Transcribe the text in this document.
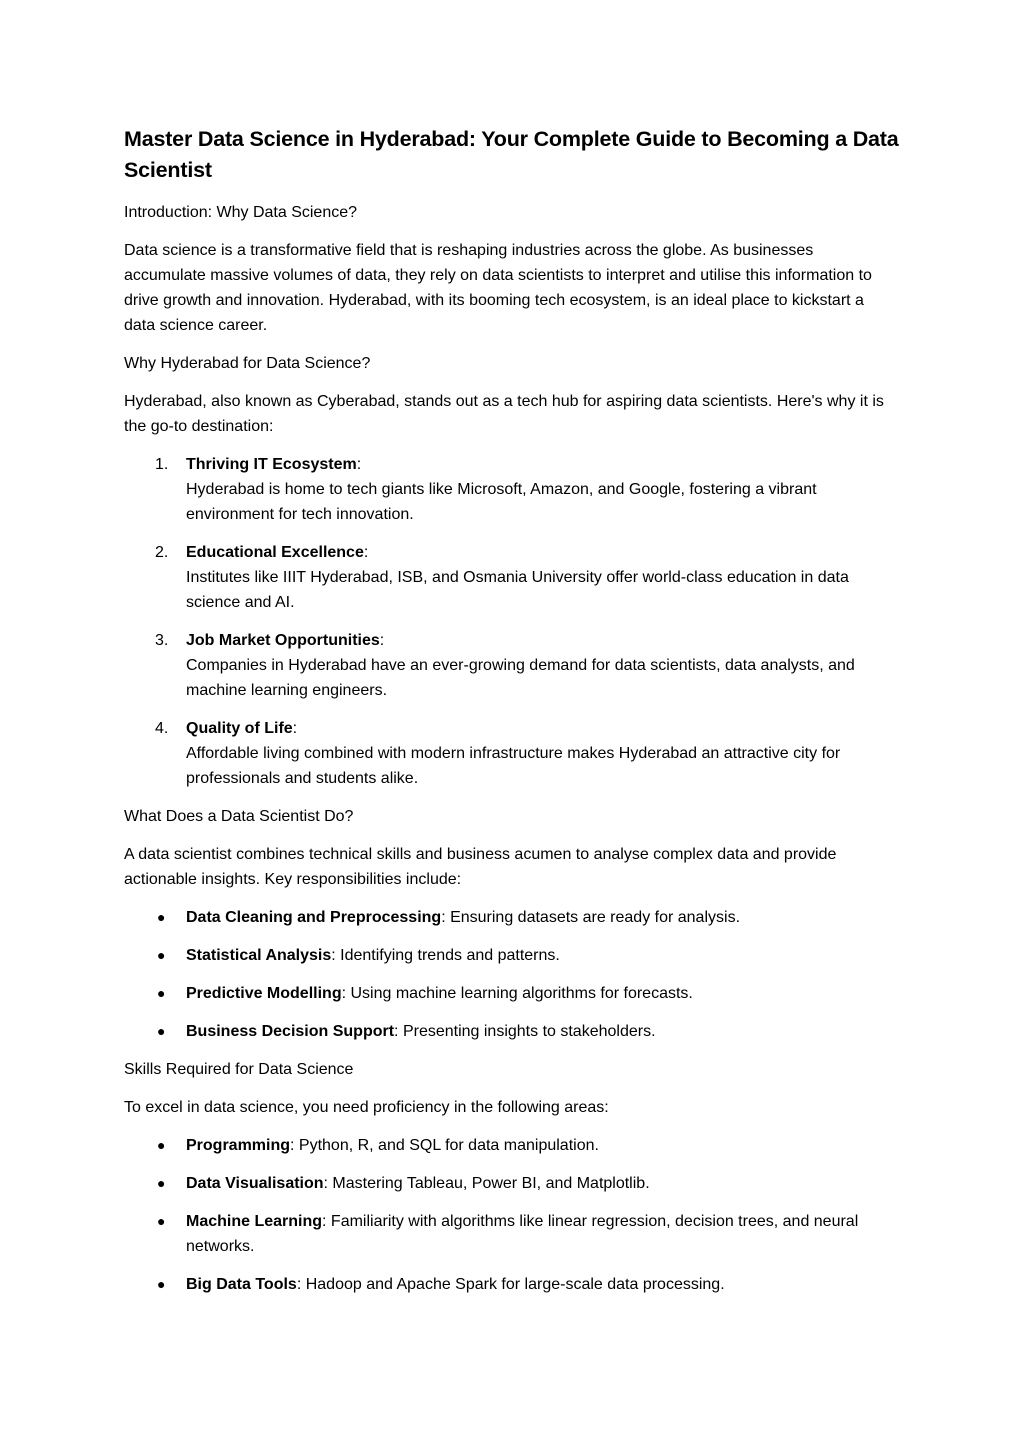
Master Data Science in Hyderabad: Your Complete Guide to Becoming a Data Scientist

Introduction: Why Data Science?

Data science is a transformative field that is reshaping industries across the globe. As businesses accumulate massive volumes of data, they rely on data scientists to interpret and utilise this information to drive growth and innovation. Hyderabad, with its booming tech ecosystem, is an ideal place to kickstart a data science career.

Why Hyderabad for Data Science?

Hyderabad, also known as Cyberabad, stands out as a tech hub for aspiring data scientists. Here's why it is the go-to destination:

1. Thriving IT Ecosystem:
Hyderabad is home to tech giants like Microsoft, Amazon, and Google, fostering a vibrant environment for tech innovation.
2. Educational Excellence:
Institutes like IIIT Hyderabad, ISB, and Osmania University offer world-class education in data science and AI.
3. Job Market Opportunities:
Companies in Hyderabad have an ever-growing demand for data scientists, data analysts, and machine learning engineers.
4. Quality of Life:
Affordable living combined with modern infrastructure makes Hyderabad an attractive city for professionals and students alike.

What Does a Data Scientist Do?

A data scientist combines technical skills and business acumen to analyse complex data and provide actionable insights. Key responsibilities include:

● Data Cleaning and Preprocessing: Ensuring datasets are ready for analysis.
● Statistical Analysis: Identifying trends and patterns.
● Predictive Modelling: Using machine learning algorithms for forecasts.
● Business Decision Support: Presenting insights to stakeholders.

Skills Required for Data Science

To excel in data science, you need proficiency in the following areas:

● Programming: Python, R, and SQL for data manipulation.
● Data Visualisation: Mastering Tableau, Power BI, and Matplotlib.
● Machine Learning: Familiarity with algorithms like linear regression, decision trees, and neural networks.
● Big Data Tools: Hadoop and Apache Spark for large-scale data processing.
